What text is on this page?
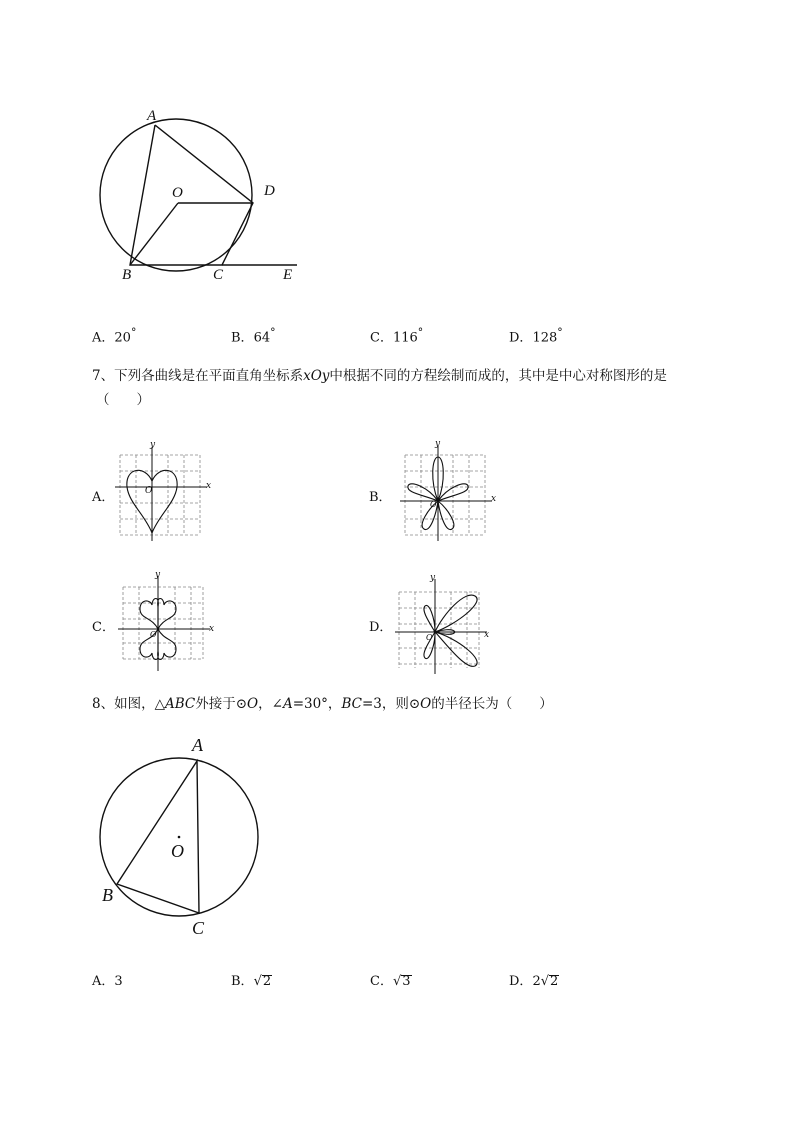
A
O	D
B	C	E
A．20°	B．64°	C．116°	D．128°
7、下列各曲线是在平面直角坐标系xOy中根据不同的方程绘制而成的，其中是中心对称图形的是
（　　）
A．
y
x
O	B．
y
x
O
C．
y
x
O	D．
y
x
O
8、如图，△ABC外接于⊙O，∠A=30°，BC=3，则⊙O的半径长为（　　）
A
O
B
C
A．3	B．√2	C．√3	D．2√2
